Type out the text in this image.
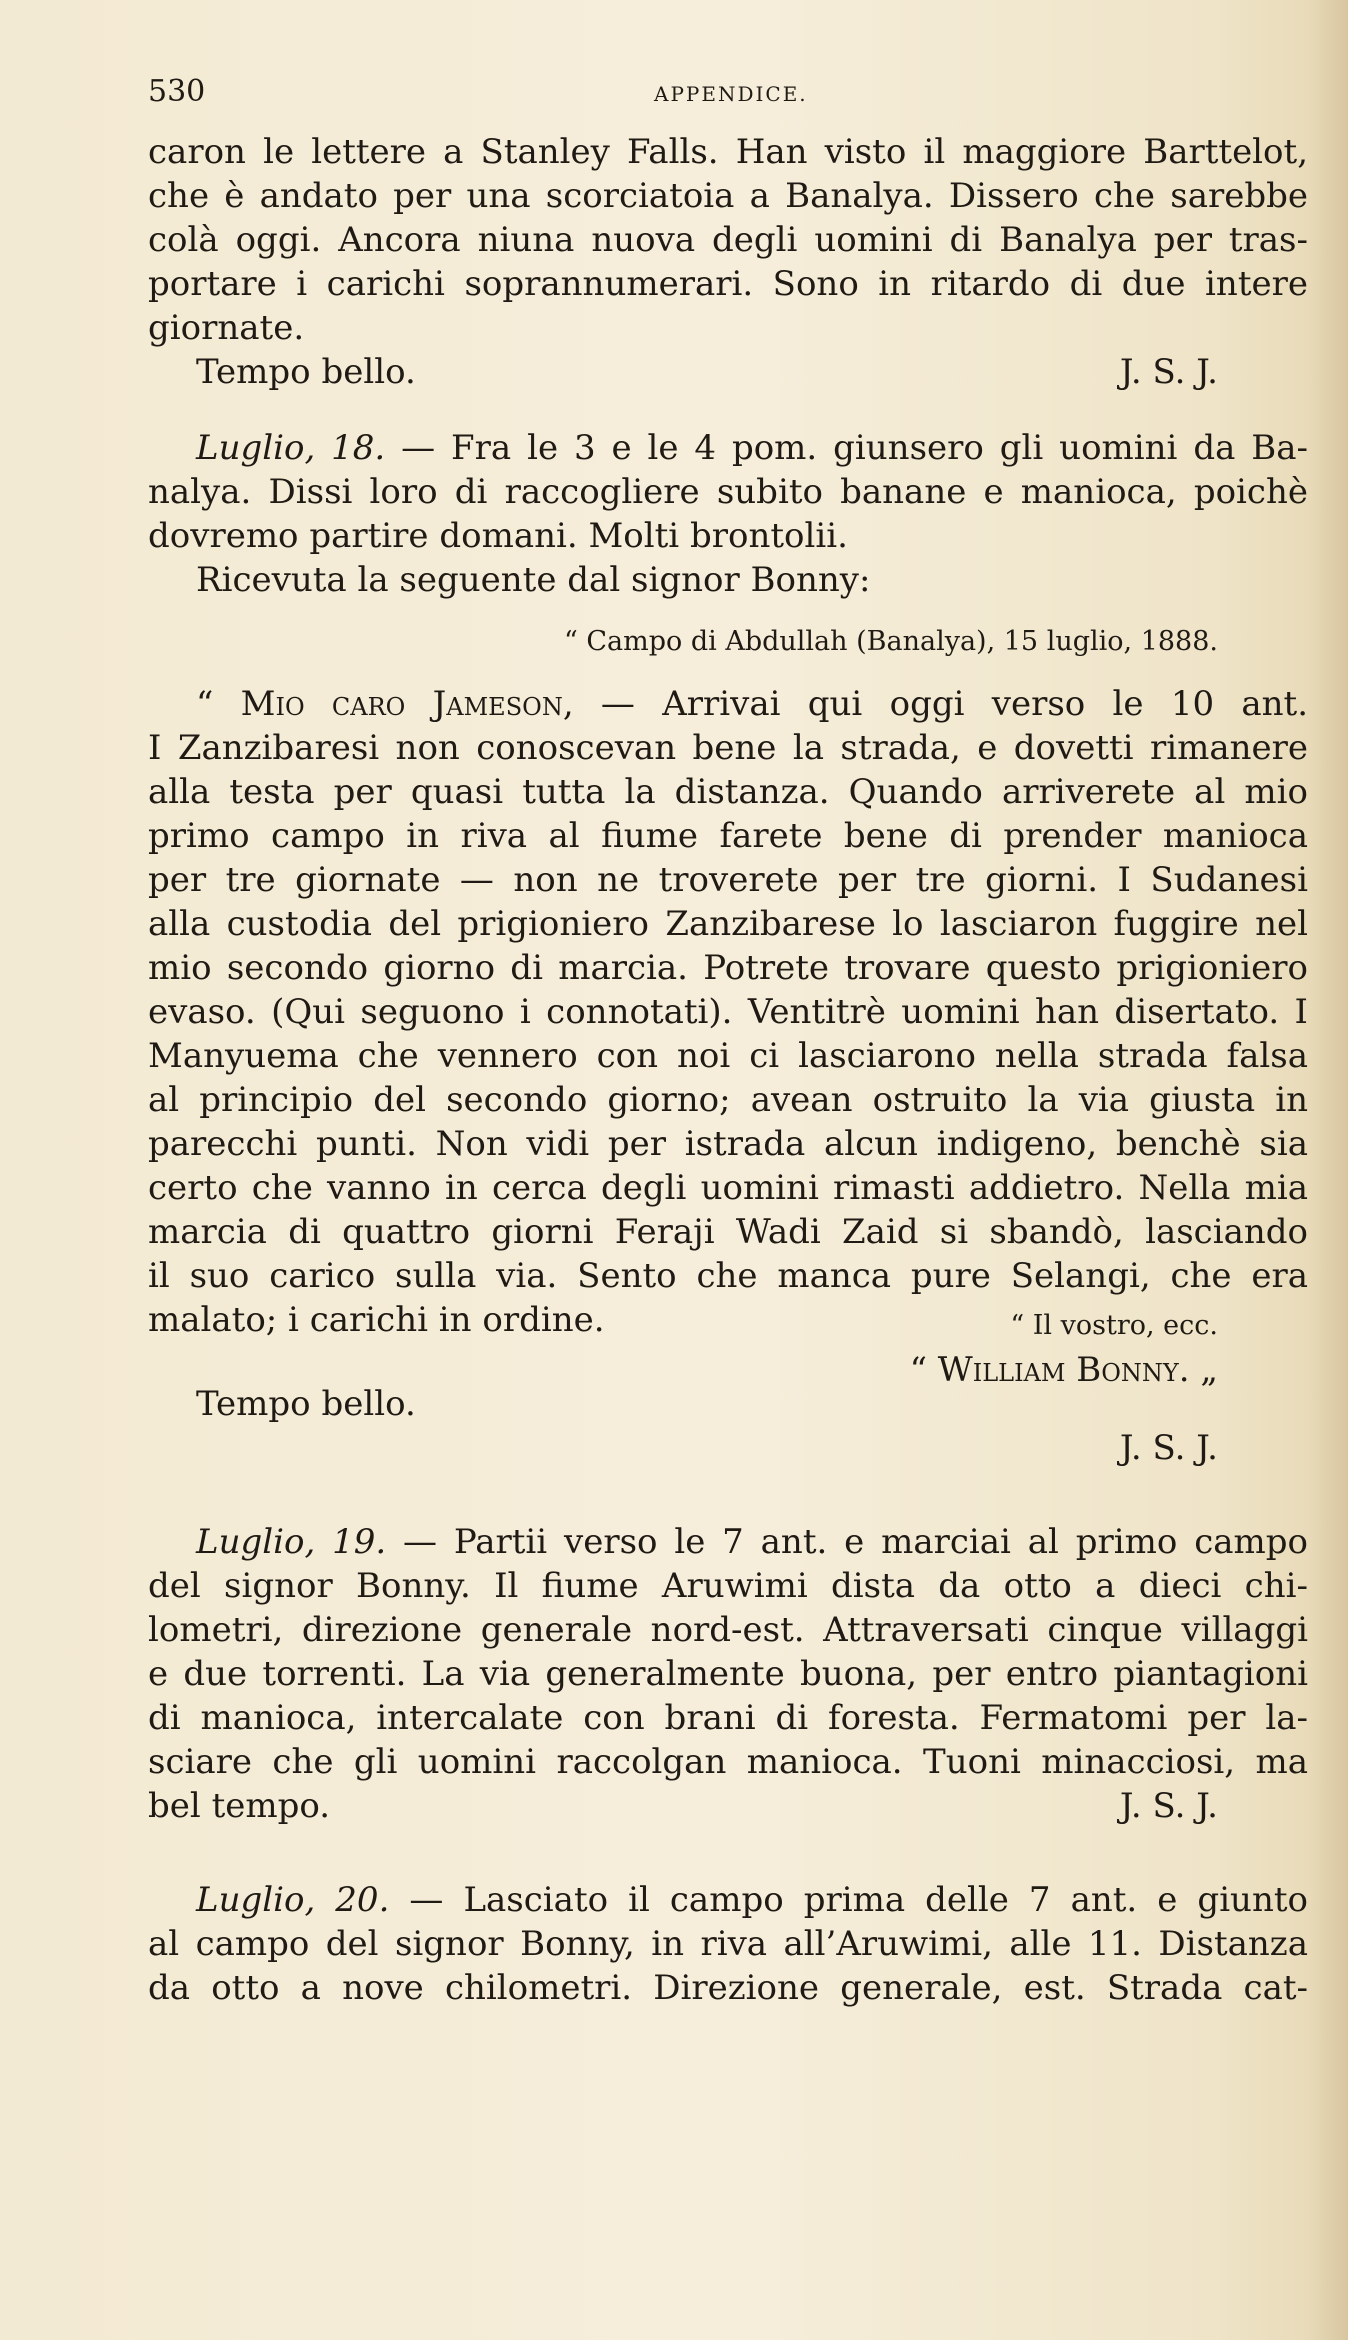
530	APPENDICE.
caron le lettere a Stanley Falls. Han visto il maggiore Barttelot,
che è andato per una scorciatoia a Banalya. Dissero che sarebbe
colà oggi. Ancora niuna nuova degli uomini di Banalya per tras-
portare i carichi soprannumerari. Sono in ritardo di due intere
giornate.
Tempo bello.	J. S. J.
Luglio, 18. — Fra le 3 e le 4 pom. giunsero gli uomini da Ba-
nalya. Dissi loro di raccogliere subito banane e manioca, poichè
dovremo partire domani. Molti brontolii.
Ricevuta la seguente dal signor Bonny:
“ Campo di Abdullah (Banalya), 15 luglio, 1888.
“ Mio caro Jameson, — Arrivai qui oggi verso le 10 ant.
I Zanzibaresi non conoscevan bene la strada, e dovetti rimanere
alla testa per quasi tutta la distanza. Quando arriverete al mio
primo campo in riva al fiume farete bene di prender manioca
per tre giornate — non ne troverete per tre giorni. I Sudanesi
alla custodia del prigioniero Zanzibarese lo lasciaron fuggire nel
mio secondo giorno di marcia. Potrete trovare questo prigioniero
evaso. (Qui seguono i connotati). Ventitrè uomini han disertato. I
Manyuema che vennero con noi ci lasciarono nella strada falsa
al principio del secondo giorno; avean ostruito la via giusta in
parecchi punti. Non vidi per istrada alcun indigeno, benchè sia
certo che vanno in cerca degli uomini rimasti addietro. Nella mia
marcia di quattro giorni Feraji Wadi Zaid si sbandò, lasciando
il suo carico sulla via. Sento che manca pure Selangi, che era
malato; i carichi in ordine.	“ Il vostro, ecc.
Tempo bello.
“ William Bonny. „
J. S. J.
Luglio, 19. — Partii verso le 7 ant. e marciai al primo campo
del signor Bonny. Il fiume Aruwimi dista da otto a dieci chi-
lometri, direzione generale nord-est. Attraversati cinque villaggi
e due torrenti. La via generalmente buona, per entro piantagioni
di manioca, intercalate con brani di foresta. Fermatomi per la-
sciare che gli uomini raccolgan manioca. Tuoni minacciosi, ma
bel tempo.	J. S. J.
Luglio, 20. — Lasciato il campo prima delle 7 ant. e giunto
al campo del signor Bonny, in riva all’Aruwimi, alle 11. Distanza
da otto a nove chilometri. Direzione generale, est. Strada cat-
